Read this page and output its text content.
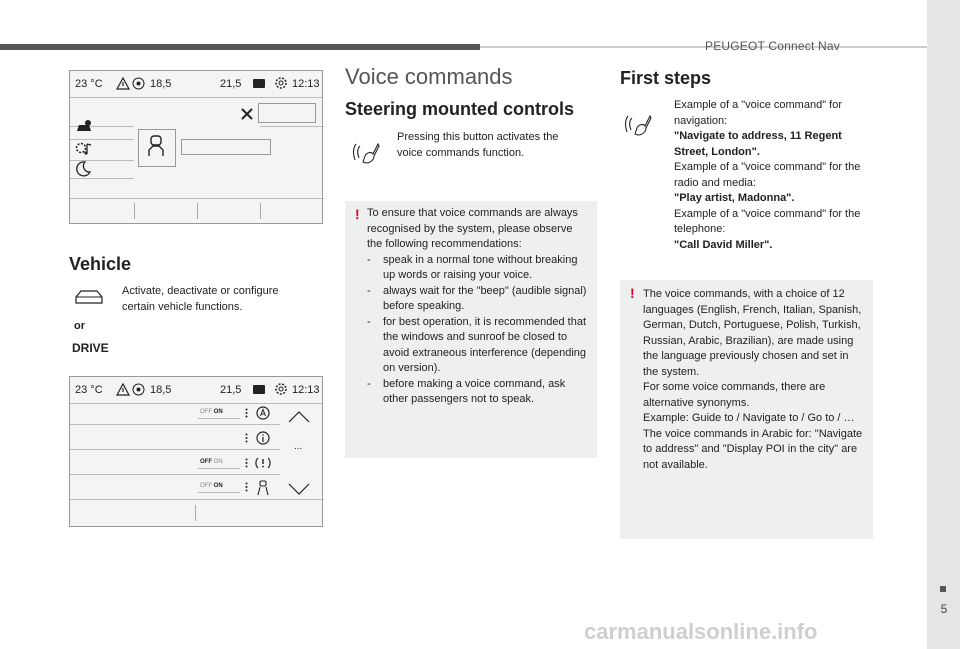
PEUGEOT Connect Nav
5
23 °C	18,5	21,5	12:13
Vehicle
Activate, deactivate or configure certain vehicle functions.
or
DRIVE
23 °C	18,5	21,5	12:13
OFF ON
...
OFF ON
OFF ON
Voice commands
Steering mounted controls
Pressing this button activates the voice commands function.
! To ensure that voice commands are always recognised by the system, please observe the following recommendations:
- speak in a normal tone without breaking up words or raising your voice.
- always wait for the "beep" (audible signal) before speaking.
- for best operation, it is recommended that the windows and sunroof be closed to avoid extraneous interference (depending on version).
- before making a voice command, ask other passengers not to speak.
First steps
Example of a "voice command" for navigation:
"Navigate to address, 11 Regent Street, London".
Example of a "voice command" for the radio and media:
"Play artist, Madonna".
Example of a "voice command" for the telephone:
"Call David Miller".
! The voice commands, with a choice of 12 languages (English, French, Italian, Spanish, German, Dutch, Portuguese, Polish, Turkish, Russian, Arabic, Brazilian), are made using the language previously chosen and set in the system.
For some voice commands, there are alternative synonyms.
Example: Guide to / Navigate to / Go to / …
The voice commands in Arabic for: "Navigate to address" and "Display POI in the city" are not available.
carmanualsonline.info
